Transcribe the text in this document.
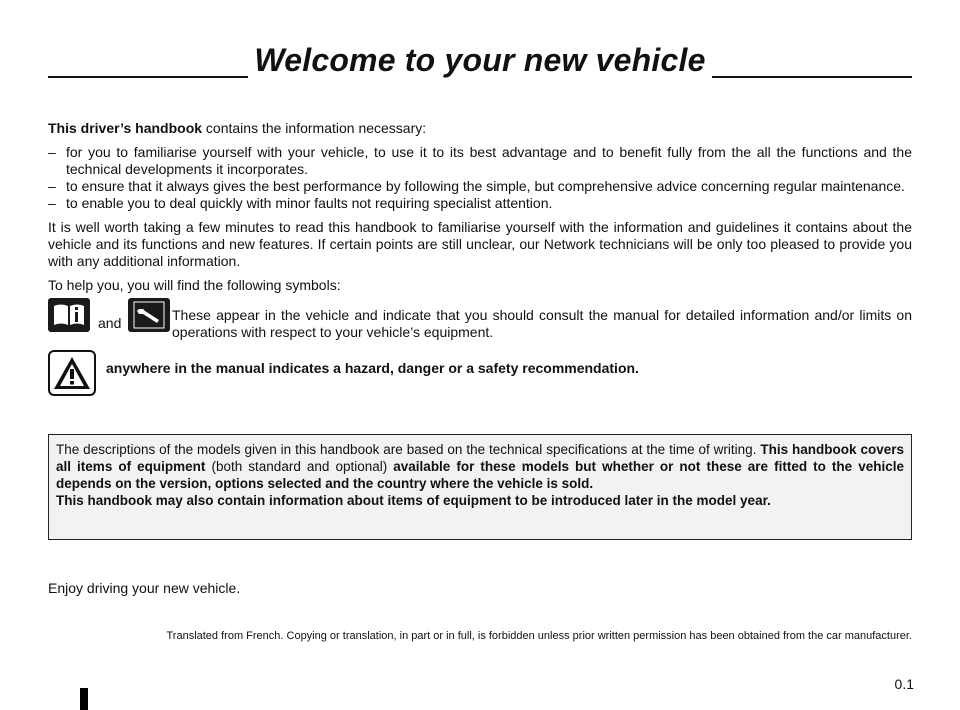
Welcome to your new vehicle

This driver’s handbook contains the information necessary:

– for you to familiarise yourself with your vehicle, to use it to its best advantage and to benefit fully from the all the functions and the technical developments it incorporates.
– to ensure that it always gives the best performance by following the simple, but comprehensive advice concerning regular maintenance.
– to enable you to deal quickly with minor faults not requiring specialist attention.

It is well worth taking a few minutes to read this handbook to familiarise yourself with the information and guidelines it contains about the vehicle and its functions and new features. If certain points are still unclear, our Network technicians will be only too pleased to provide you with any additional information.

To help you, you will find the following symbols:

and	These appear in the vehicle and indicate that you should consult the manual for detailed information and/or limits on operations with respect to your vehicle’s equipment.

anywhere in the manual indicates a hazard, danger or a safety recommendation.

The descriptions of the models given in this handbook are based on the technical specifications at the time of writing. This handbook covers all items of equipment (both standard and optional) available for these models but whether or not these are fitted to the vehicle depends on the version, options selected and the country where the vehicle is sold.
This handbook may also contain information about items of equipment to be introduced later in the model year.

Enjoy driving your new vehicle.

Translated from French. Copying or translation, in part or in full, is forbidden unless prior written permission has been obtained from the car manufacturer.

0.1
